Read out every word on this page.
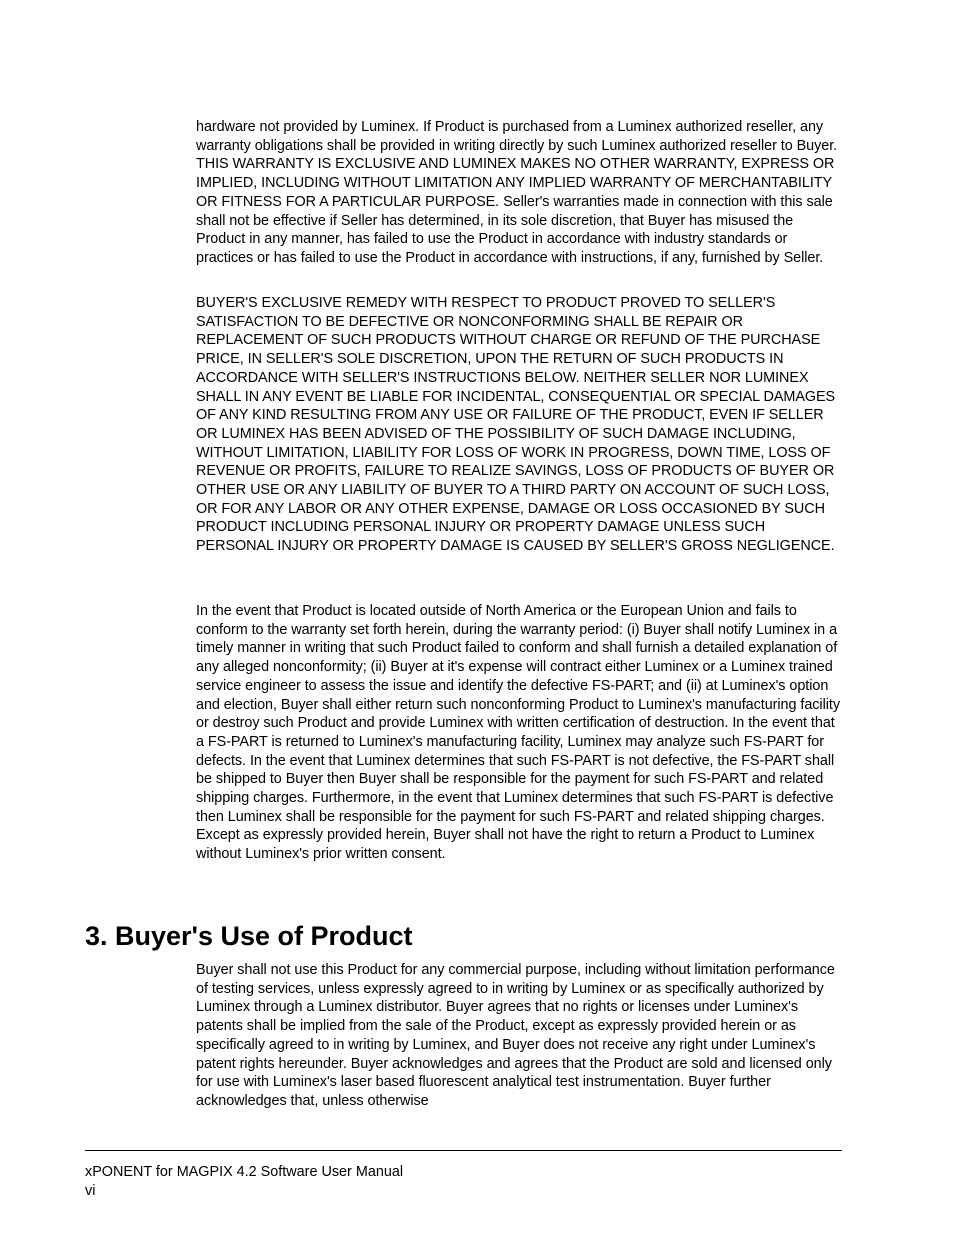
hardware not provided by Luminex. If Product is purchased from a Luminex authorized reseller, any warranty obligations shall be provided in writing directly by such Luminex authorized reseller to Buyer. THIS WARRANTY IS EXCLUSIVE AND LUMINEX MAKES NO OTHER WARRANTY, EXPRESS OR IMPLIED, INCLUDING WITHOUT LIMITATION ANY IMPLIED WARRANTY OF MERCHANTABILITY OR FITNESS FOR A PARTICULAR PURPOSE. Seller's warranties made in connection with this sale shall not be effective if Seller has determined, in its sole discretion, that Buyer has misused the Product in any manner, has failed to use the Product in accordance with industry standards or practices or has failed to use the Product in accordance with instructions, if any, furnished by Seller.

BUYER'S EXCLUSIVE REMEDY WITH RESPECT TO PRODUCT PROVED TO SELLER'S SATISFACTION TO BE DEFECTIVE OR NONCONFORMING SHALL BE REPAIR OR REPLACEMENT OF SUCH PRODUCTS WITHOUT CHARGE OR REFUND OF THE PURCHASE PRICE, IN SELLER'S SOLE DISCRETION, UPON THE RETURN OF SUCH PRODUCTS IN ACCORDANCE WITH SELLER'S INSTRUCTIONS BELOW. NEITHER SELLER NOR LUMINEX SHALL IN ANY EVENT BE LIABLE FOR INCIDENTAL, CONSEQUENTIAL OR SPECIAL DAMAGES OF ANY KIND RESULTING FROM ANY USE OR FAILURE OF THE PRODUCT, EVEN IF SELLER OR LUMINEX HAS BEEN ADVISED OF THE POSSIBILITY OF SUCH DAMAGE INCLUDING, WITHOUT LIMITATION, LIABILITY FOR LOSS OF WORK IN PROGRESS, DOWN TIME, LOSS OF REVENUE OR PROFITS, FAILURE TO REALIZE SAVINGS, LOSS OF PRODUCTS OF BUYER OR OTHER USE OR ANY LIABILITY OF BUYER TO A THIRD PARTY ON ACCOUNT OF SUCH LOSS, OR FOR ANY LABOR OR ANY OTHER EXPENSE, DAMAGE OR LOSS OCCASIONED BY SUCH PRODUCT INCLUDING PERSONAL INJURY OR PROPERTY DAMAGE UNLESS SUCH PERSONAL INJURY OR PROPERTY DAMAGE IS CAUSED BY SELLER'S GROSS NEGLIGENCE.

In the event that Product is located outside of North America or the European Union and fails to conform to the warranty set forth herein, during the warranty period: (i) Buyer shall notify Luminex in a timely manner in writing that such Product failed to conform and shall furnish a detailed explanation of any alleged nonconformity; (ii) Buyer at it's expense will contract either Luminex or a Luminex trained service engineer to assess the issue and identify the defective FS-PART; and (ii) at Luminex's option and election, Buyer shall either return such nonconforming Product to Luminex's manufacturing facility or destroy such Product and provide Luminex with written certification of destruction. In the event that a FS-PART is returned to Luminex's manufacturing facility, Luminex may analyze such FS-PART for defects. In the event that Luminex determines that such FS-PART is not defective, the FS-PART shall be shipped to Buyer then Buyer shall be responsible for the payment for such FS-PART and related shipping charges. Furthermore, in the event that Luminex determines that such FS-PART is defective then Luminex shall be responsible for the payment for such FS-PART and related shipping charges. Except as expressly provided herein, Buyer shall not have the right to return a Product to Luminex without Luminex's prior written consent.

3. Buyer's Use of Product

Buyer shall not use this Product for any commercial purpose, including without limitation performance of testing services, unless expressly agreed to in writing by Luminex or as specifically authorized by Luminex through a Luminex distributor. Buyer agrees that no rights or licenses under Luminex's patents shall be implied from the sale of the Product, except as expressly provided herein or as specifically agreed to in writing by Luminex, and Buyer does not receive any right under Luminex's patent rights hereunder. Buyer acknowledges and agrees that the Product are sold and licensed only for use with Luminex's laser based fluorescent analytical test instrumentation. Buyer further acknowledges that, unless otherwise

xPONENT for MAGPIX 4.2 Software User Manual
vi
